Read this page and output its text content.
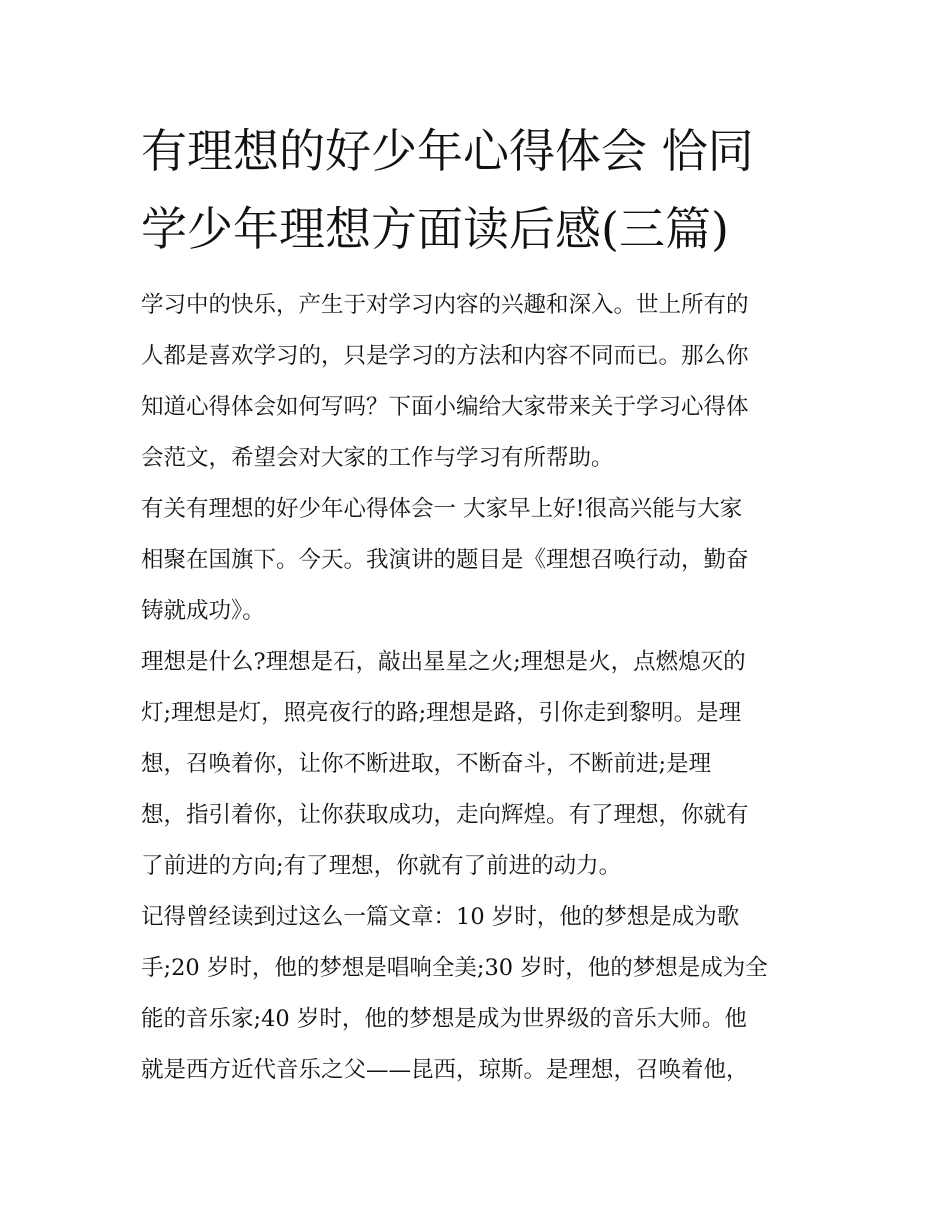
有理想的好少年心得体会 恰同
学少年理想方面读后感(三篇)
学习中的快乐，产生于对学习内容的兴趣和深入。世上所有的
人都是喜欢学习的，只是学习的方法和内容不同而已。那么你
知道心得体会如何写吗？下面小编给大家带来关于学习心得体
会范文，希望会对大家的工作与学习有所帮助。
有关有理想的好少年心得体会一 大家早上好!很高兴能与大家
相聚在国旗下。今天。我演讲的题目是《理想召唤行动，勤奋
铸就成功》。
理想是什么?理想是石，敲出星星之火;理想是火，点燃熄灭的
灯;理想是灯，照亮夜行的路;理想是路，引你走到黎明。是理
想，召唤着你，让你不断进取，不断奋斗，不断前进;是理
想，指引着你，让你获取成功，走向辉煌。有了理想，你就有
了前进的方向;有了理想，你就有了前进的动力。
记得曾经读到过这么一篇文章：10 岁时，他的梦想是成为歌
手;20 岁时，他的梦想是唱响全美;30 岁时，他的梦想是成为全
能的音乐家;40 岁时，他的梦想是成为世界级的音乐大师。他
就是西方近代音乐之父——昆西，琼斯。是理想，召唤着他，
